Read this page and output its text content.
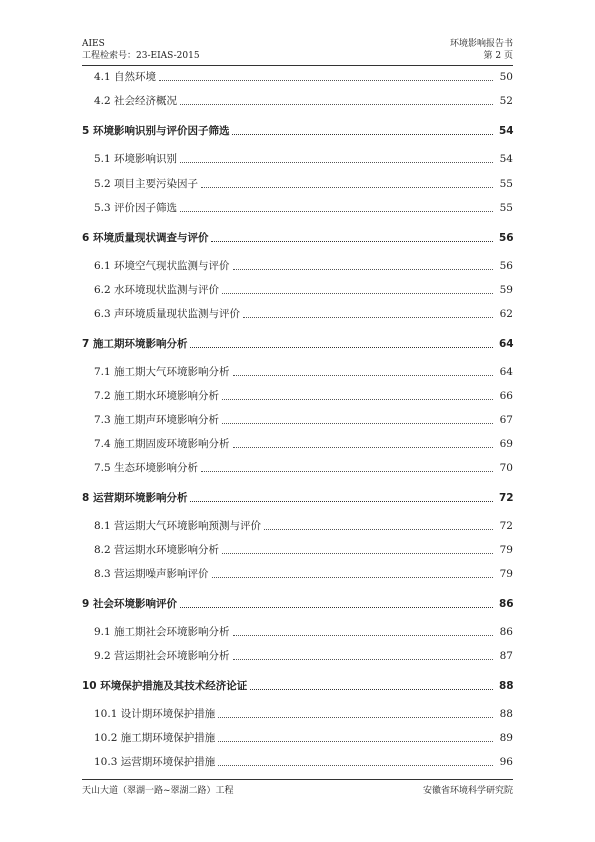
AIES
工程检索号：23-EIAS-2015
环境影响报告书
第 2 页
4.1 自然环境	50
4.2 社会经济概况	52
5 环境影响识别与评价因子筛选	54
5.1 环境影响识别	54
5.2 项目主要污染因子	55
5.3 评价因子筛选	55
6 环境质量现状调查与评价	56
6.1 环境空气现状监测与评价	56
6.2 水环境现状监测与评价	59
6.3 声环境质量现状监测与评价	62
7 施工期环境影响分析	64
7.1 施工期大气环境影响分析	64
7.2 施工期水环境影响分析	66
7.3 施工期声环境影响分析	67
7.4 施工期固废环境影响分析	69
7.5 生态环境影响分析	70
8 运营期环境影响分析	72
8.1 营运期大气环境影响预测与评价	72
8.2 营运期水环境影响分析	79
8.3 营运期噪声影响评价	79
9 社会环境影响评价	86
9.1 施工期社会环境影响分析	86
9.2 营运期社会环境影响分析	87
10 环境保护措施及其技术经济论证	88
10.1 设计期环境保护措施	88
10.2 施工期环境保护措施	89
10.3 运营期环境保护措施	96
天山大道（翠湖一路~翠湖二路）工程	安徽省环境科学研究院
